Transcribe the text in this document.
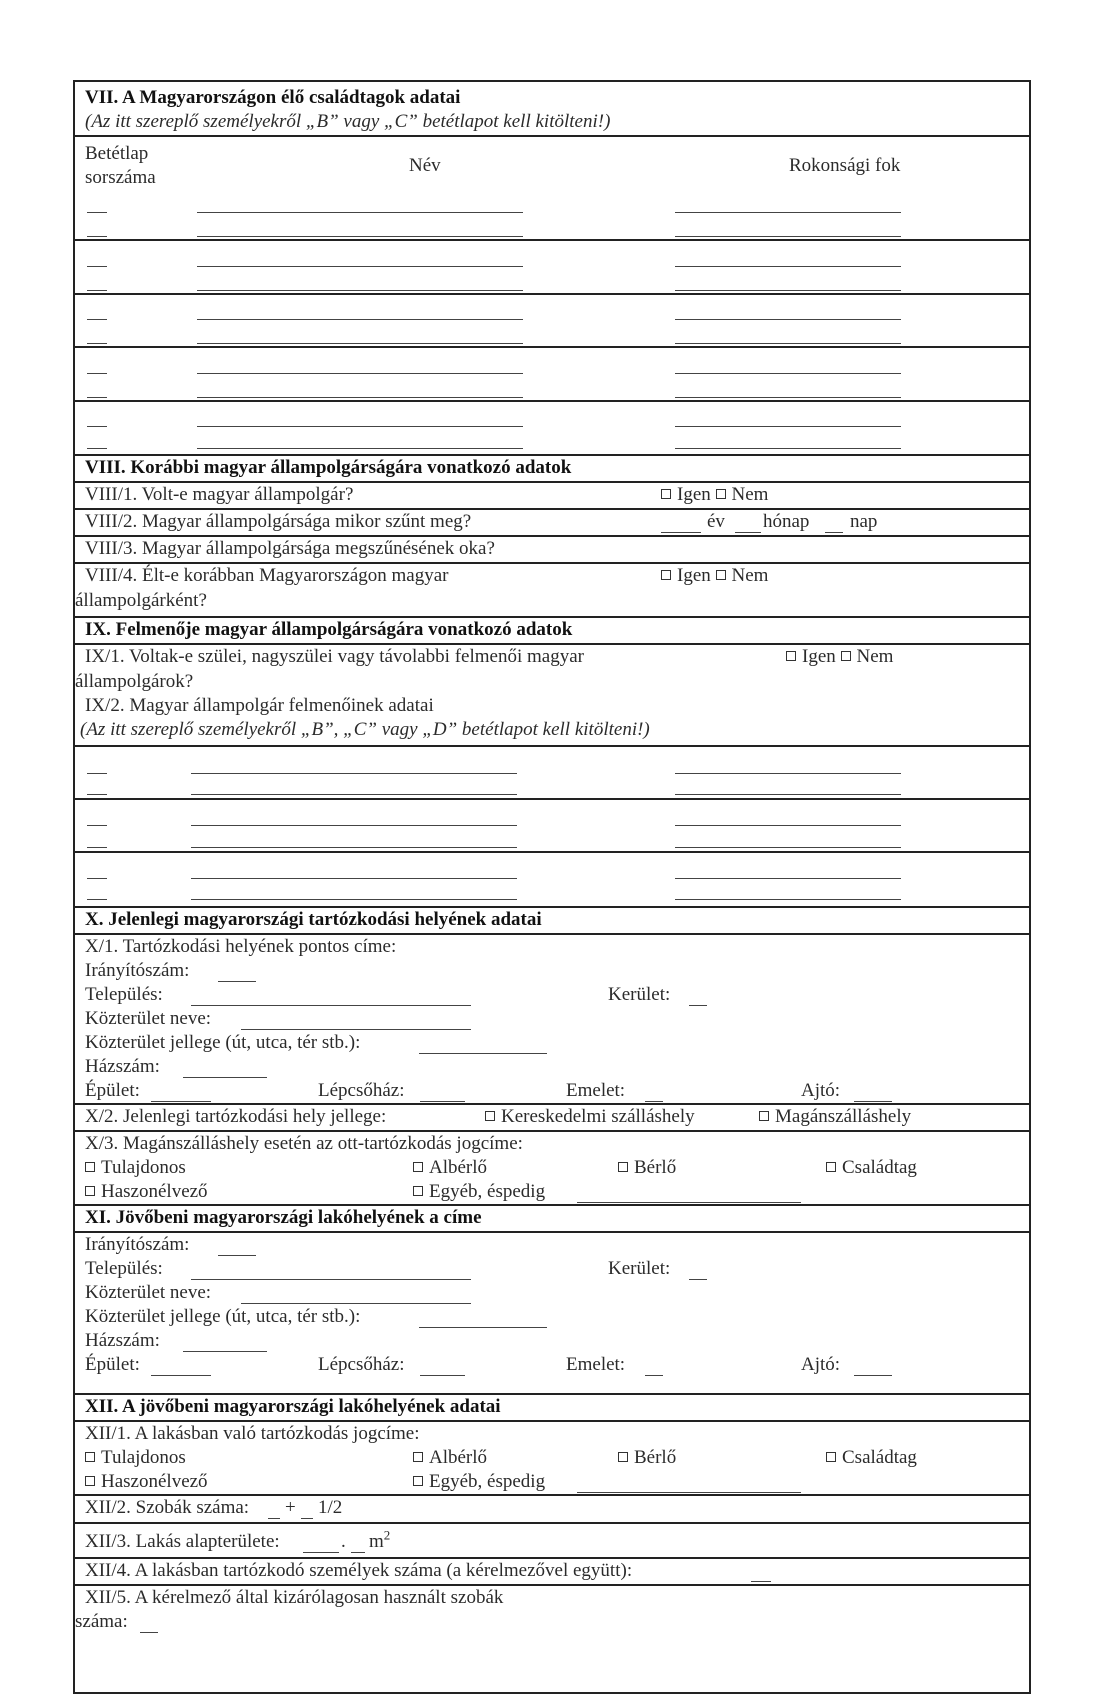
VII. A Magyarországon élő családtagok adatai
(Az itt szereplő személyekről „B” vagy „C” betétlapot kell kitölteni!)
Betétlap
sorszáma
Név	Rokonsági fok
VIII. Korábbi magyar állampolgárságára vonatkozó adatok
VIII/1. Volt-e magyar állampolgár?	Igen Nem
VIII/2. Magyar állampolgársága mikor szűnt meg?	év hónap nap
VIII/3. Magyar állampolgársága megszűnésének oka?
VIII/4. Élt-e korábban Magyarországon magyar
állampolgárként?
Igen Nem
IX. Felmenője magyar állampolgárságára vonatkozó adatok
IX/1. Voltak-e szülei, nagyszülei vagy távolabbi felmenői magyar
állampolgárok?
Igen Nem
IX/2. Magyar állampolgár felmenőinek adatai
(Az itt szereplő személyekről „B”, „C” vagy „D” betétlapot kell kitölteni!)
X. Jelenlegi magyarországi tartózkodási helyének adatai
X/1. Tartózkodási helyének pontos címe:
Irányítószám:
Település:	Kerület:
Közterület neve:
Közterület jellege (út, utca, tér stb.):
Házszám:
Épület:	Lépcsőház:	Emelet:	Ajtó:
X/2. Jelenlegi tartózkodási hely jellege:	Kereskedelmi szálláshely	Magánszálláshely
X/3. Magánszálláshely esetén az ott-tartózkodás jogcíme:
Tulajdonos	Albérlő	Bérlő	Családtag
Haszonélvező	Egyéb, éspedig
XI. Jövőbeni magyarországi lakóhelyének a címe
Irányítószám:
Település:	Kerület:
Közterület neve:
Közterület jellege (út, utca, tér stb.):
Házszám:
Épület:	Lépcsőház:	Emelet:	Ajtó:
XII. A jövőbeni magyarországi lakóhelyének adatai
XII/1. A lakásban való tartózkodás jogcíme:
Tulajdonos	Albérlő	Bérlő	Családtag
Haszonélvező	Egyéb, éspedig
XII/2. Szobák száma: + 1/2
XII/3. Lakás alapterülete:	. $m^2$
XII/4. A lakásban tartózkodó személyek száma (a kérelmezővel együtt):
XII/5. A kérelmező által kizárólagosan használt szobák
száma:
